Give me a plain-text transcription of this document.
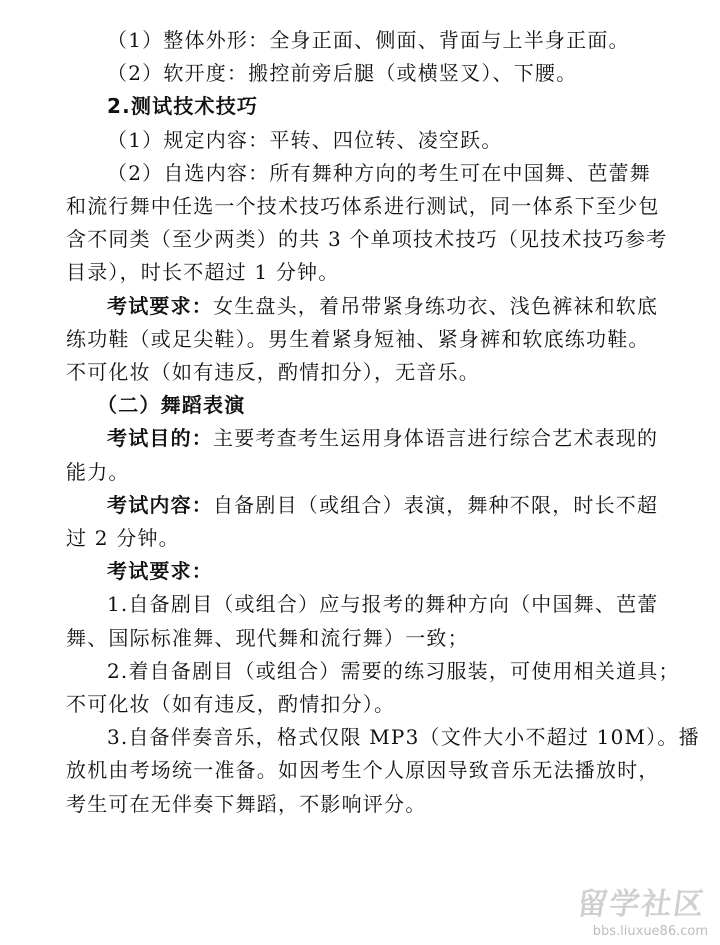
（1）整体外形：全身正面、侧面、背面与上半身正面。
（2）软开度：搬控前旁后腿（或横竖叉）、下腰。
2.测试技术技巧
（1）规定内容：平转、四位转、凌空跃。
（2）自选内容：所有舞种方向的考生可在中国舞、芭蕾舞
和流行舞中任选一个技术技巧体系进行测试，同一体系下至少包
含不同类（至少两类）的共 3 个单项技术技巧（见技术技巧参考
目录），时长不超过 1 分钟。
考试要求：女生盘头，着吊带紧身练功衣、浅色裤袜和软底
练功鞋（或足尖鞋）。男生着紧身短袖、紧身裤和软底练功鞋。
不可化妆（如有违反，酌情扣分），无音乐。
（二）舞蹈表演
考试目的：主要考查考生运用身体语言进行综合艺术表现的
能力。
考试内容：自备剧目（或组合）表演，舞种不限，时长不超
过 2 分钟。
考试要求：
1.自备剧目（或组合）应与报考的舞种方向（中国舞、芭蕾
舞、国际标准舞、现代舞和流行舞）一致；
2.着自备剧目（或组合）需要的练习服装，可使用相关道具；
不可化妆（如有违反，酌情扣分）。
3.自备伴奏音乐，格式仅限 MP3（文件大小不超过 10M）。播
放机由考场统一准备。如因考生个人原因导致音乐无法播放时，
考生可在无伴奏下舞蹈，不影响评分。
留学社区
bbs.liuxue86.com
